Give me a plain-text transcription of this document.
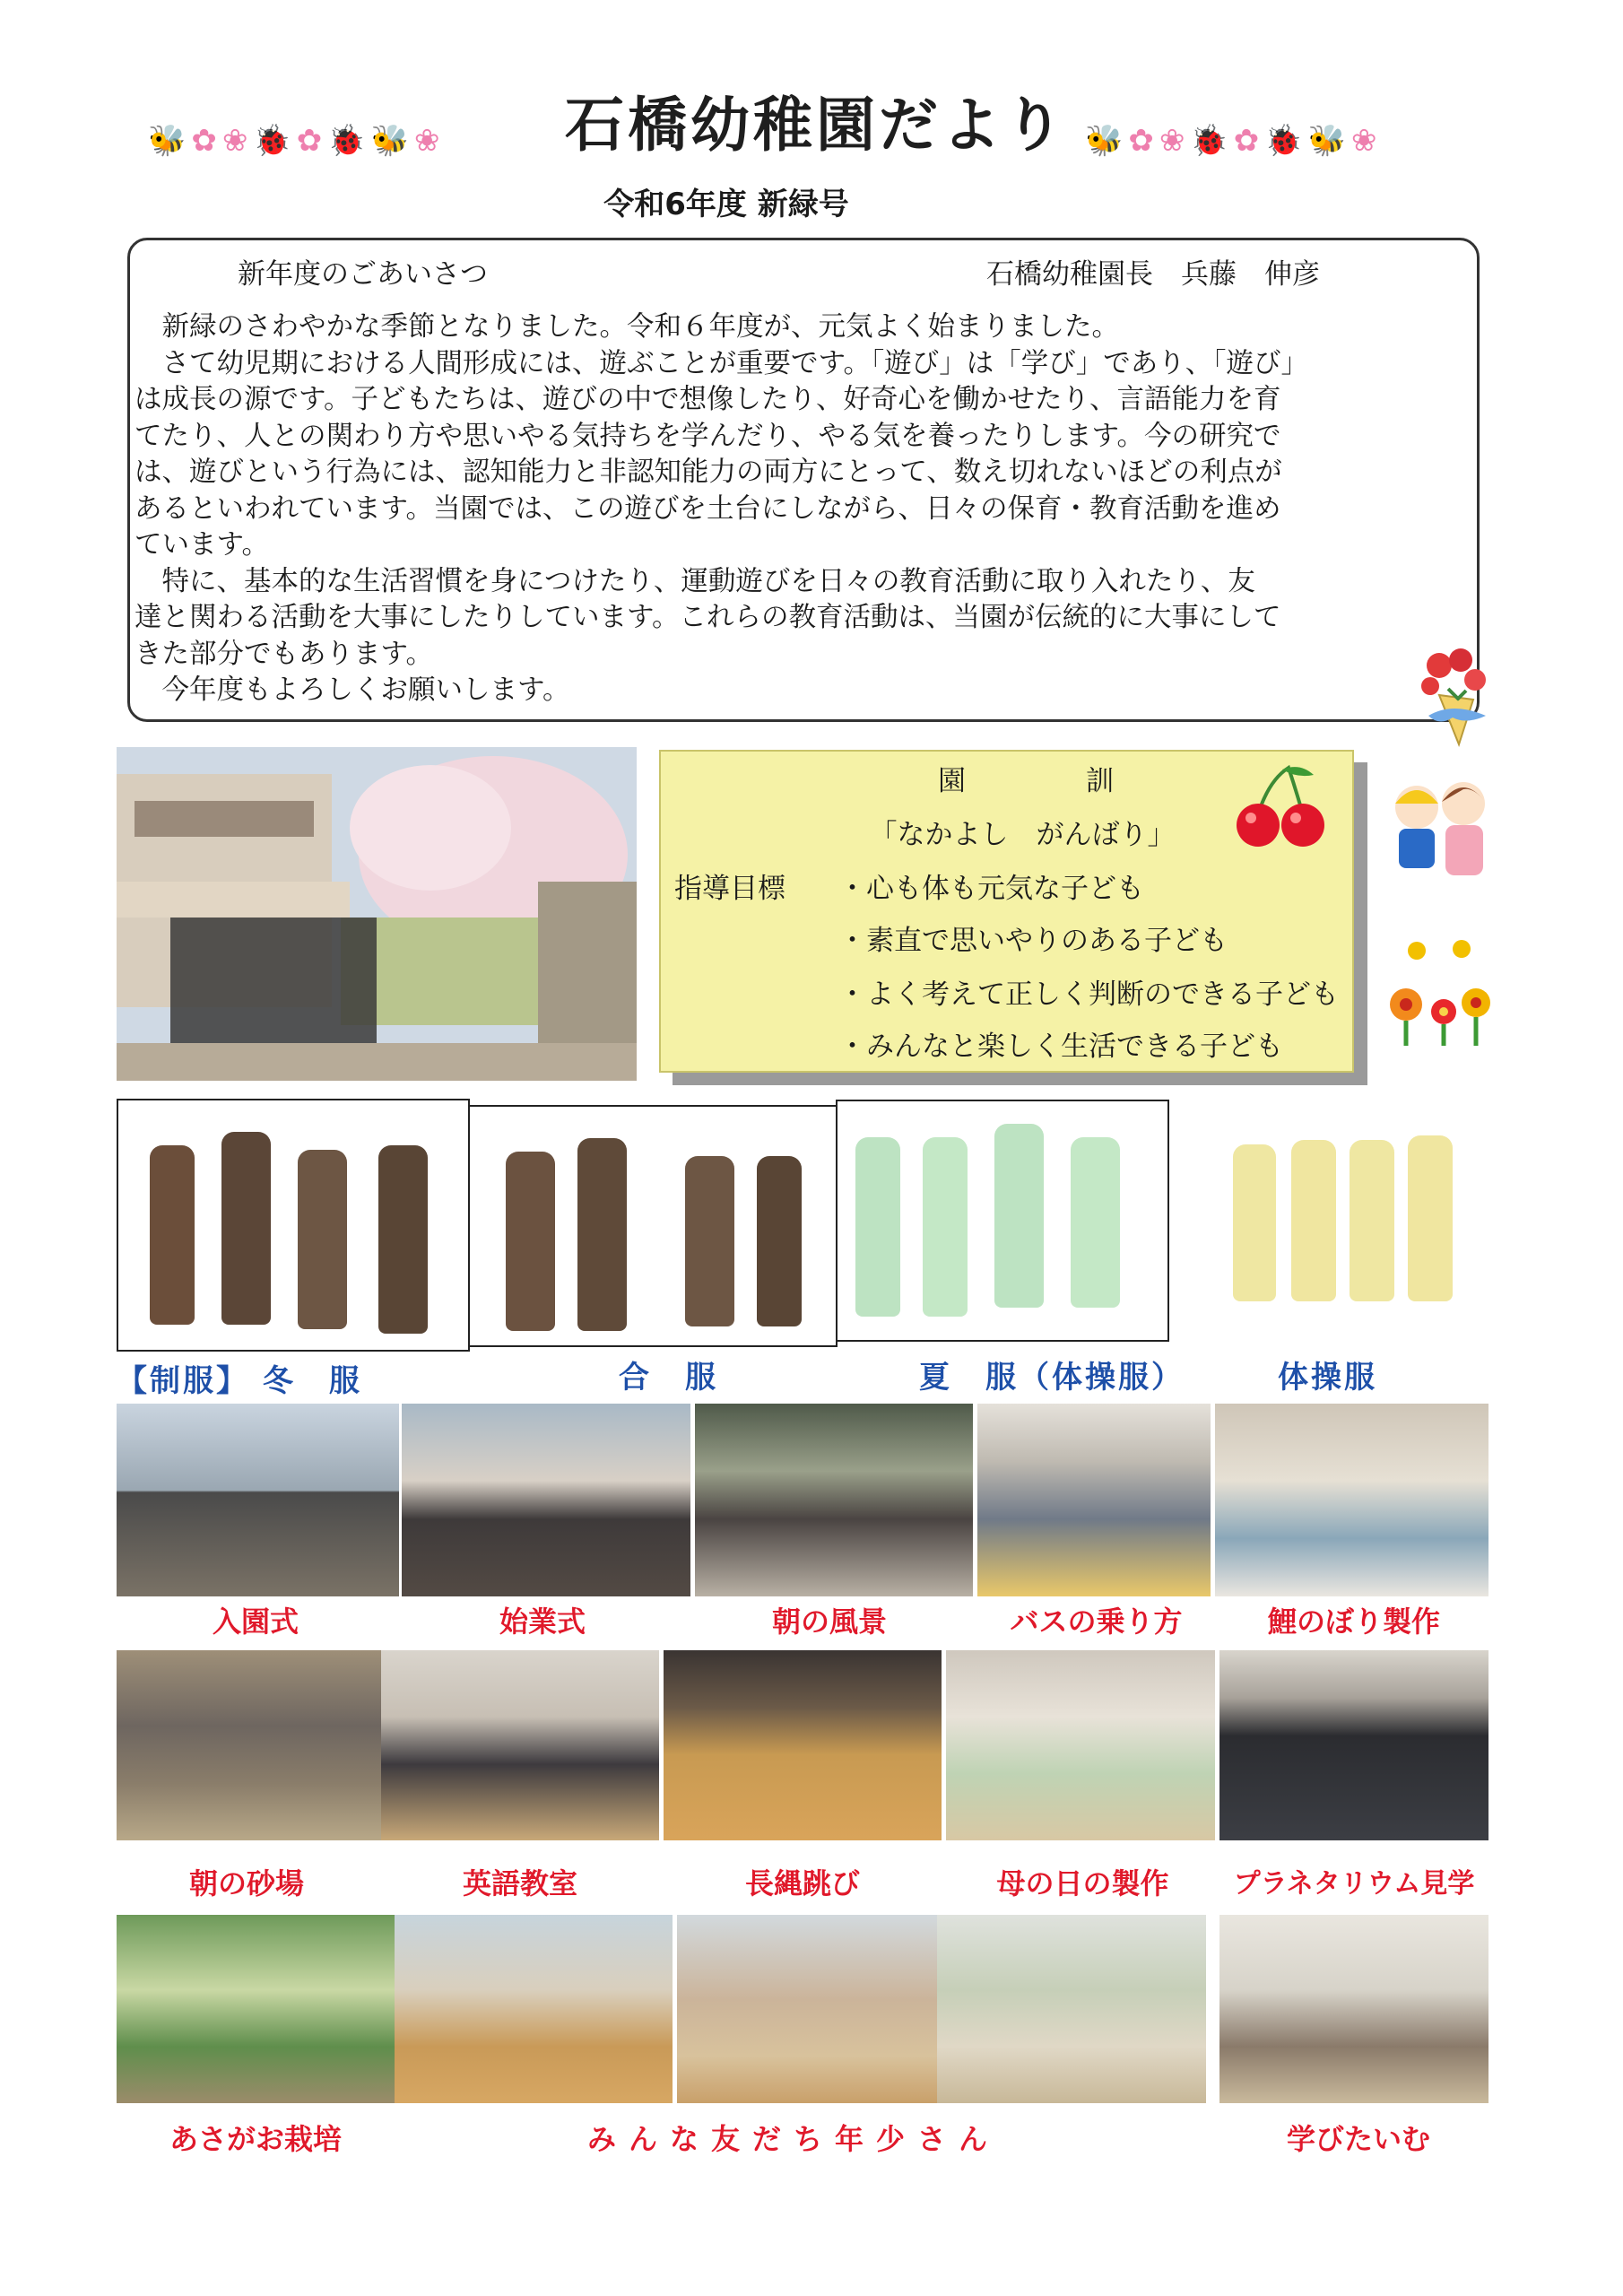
🐝 ✿ ❀ 🐞 ✿ 🐞 🐝 ❀	石橋幼稚園だより 🐝 ✿ ❀ 🐞 ✿ 🐞 🐝 ❀
令和6年度 新緑号
新年度のごあいさつ	石橋幼稚園長　兵藤　伸彦

　新緑のさわやかな季節となりました。令和６年度が、元気よく始まりました。

　さて幼児期における人間形成には、遊ぶことが重要です。「遊び」は「学び」であり、「遊び」

は成長の源です。子どもたちは、遊びの中で想像したり、好奇心を働かせたり、言語能力を育

てたり、人との関わり方や思いやる気持ちを学んだり、やる気を養ったりします。今の研究で

は、遊びという行為には、認知能力と非認知能力の両方にとって、数え切れないほどの利点が

あるといわれています。当園では、この遊びを土台にしながら、日々の保育・教育活動を進め

ています。

　特に、基本的な生活習慣を身につけたり、運動遊びを日々の教育活動に取り入れたり、友

達と関わる活動を大事にしたりしています。これらの教育活動は、当園が伝統的に大事にして

きた部分でもあります。

　今年度もよろしくお願いします。

園　　　　訓
「なかよし　がんばり」
指導目標 ・心も体も元気な子ども
・素直で思いやりのある子ども
・よく考えて正しく判断のできる子ども
・みんなと楽しく生活できる子ども
【制服】 冬　服	合　服	夏　服（体操服）	体操服
入園式	始業式	朝の風景	バスの乗り方	鯉のぼり製作
朝の砂場	英語教室	長縄跳び	母の日の製作	プラネタリウム見学
あさがお栽培	みんな友だち年少さん	学びたいむ
